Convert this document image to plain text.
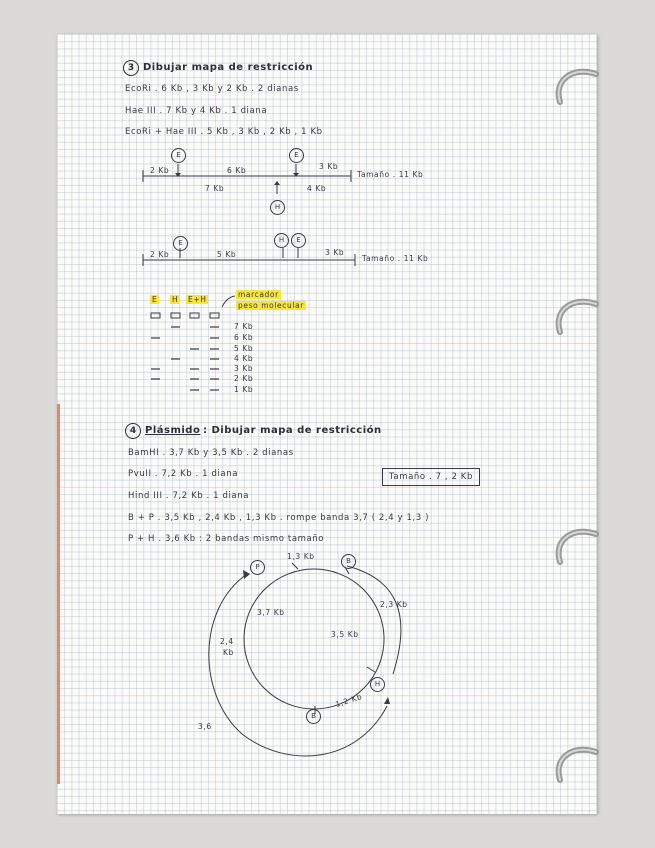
3 Dibujar mapa de restricción
EcoRi . 6 Kb , 3 Kb y 2 Kb . 2 dianas
Hae III . 7 Kb y 4 Kb . 1 diana
EcoRi + Hae III . 5 Kb , 3 Kb , 2 Kb , 1 Kb
E	E
2 Kb	6 Kb	3 Kb
Tamaño . 11 Kb
7 Kb	4 Kb
H
E	H	E
2 Kb	5 Kb	3 Kb
Tamaño . 11 Kb
E H E+H
marcador
peso molecular
7 Kb
6 Kb
5 Kb
4 Kb
3 Kb
2 Kb
1 Kb
4 Plásmido : Dibujar mapa de restricción
BamHI . 3,7 Kb y 3,5 Kb . 2 dianas
PvuII . 7,2 Kb . 1 diana	Tamaño . 7 , 2 Kb
Hind III . 7,2 Kb . 1 diana
B + P . 3,5 Kb , 2,4 Kb , 1,3 Kb . rompe banda 3,7 ( 2,4 y 1,3 )
P + H . 3,6 Kb : 2 bandas mismo tamaño
1,3 Kb
P
B
2,3 Kb
3,7 Kb
3,5 Kb
2,4
Kb
H
1,2 Kb
B
3,6
